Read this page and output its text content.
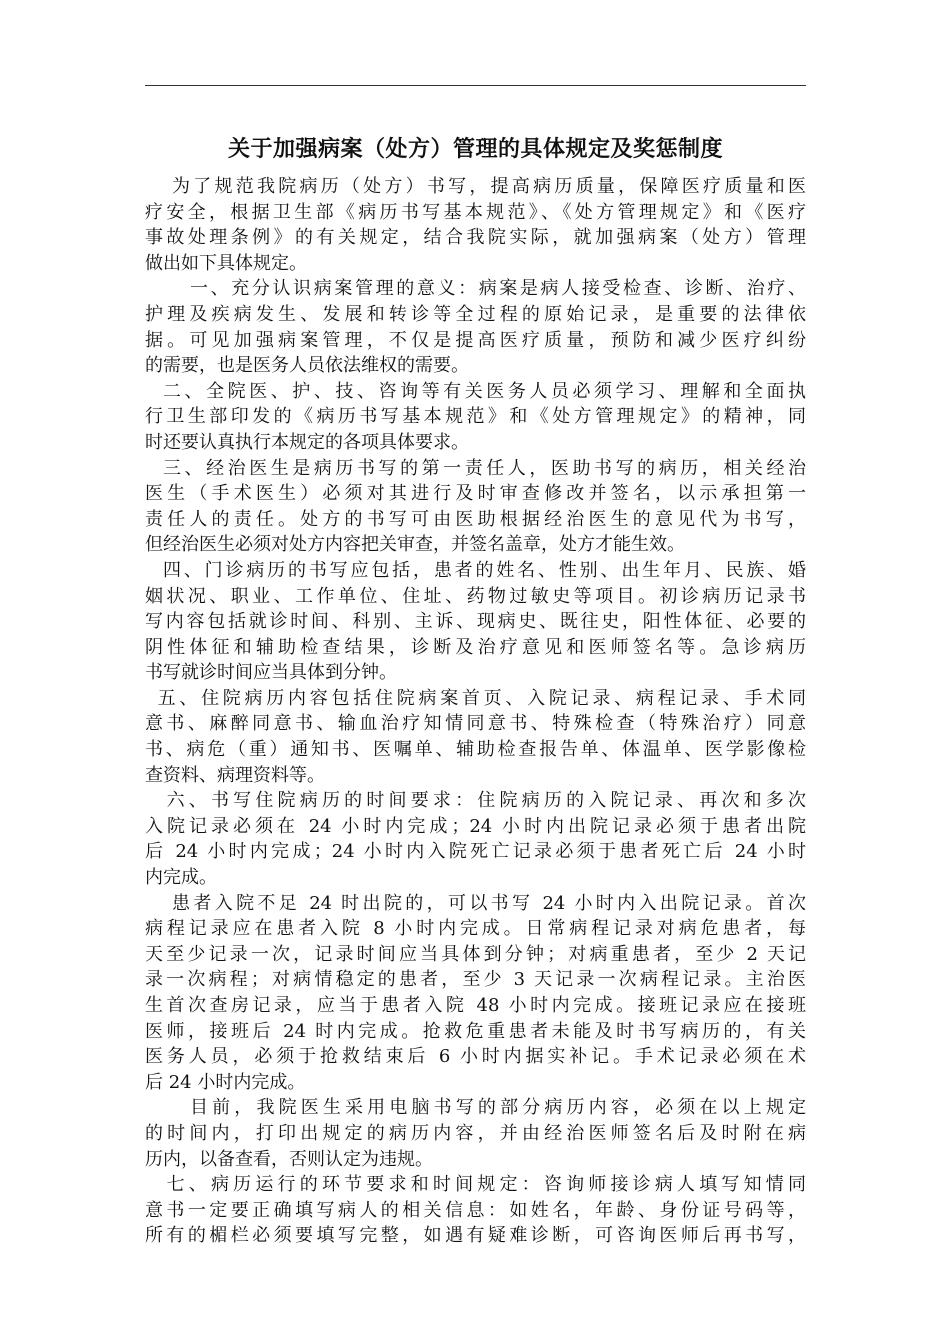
关于加强病案（处方）管理的具体规定及奖惩制度
为了规范我院病历（处方）书写，提高病历质量，保障医疗质量和医
疗安全，根据卫生部《病历书写基本规范》、《处方管理规定》和《医疗
事故处理条例》的有关规定，结合我院实际，就加强病案（处方）管理
做出如下具体规定。
一、充分认识病案管理的意义：病案是病人接受检查、诊断、治疗、
护理及疾病发生、发展和转诊等全过程的原始记录，是重要的法律依
据。可见加强病案管理，不仅是提高医疗质量，预防和减少医疗纠纷
的需要，也是医务人员依法维权的需要。
二、全院医、护、技、咨询等有关医务人员必须学习、理解和全面执
行卫生部印发的《病历书写基本规范》和《处方管理规定》的精神，同
时还要认真执行本规定的各项具体要求。
三、经治医生是病历书写的第一责任人，医助书写的病历，相关经治
医生（手术医生）必须对其进行及时审查修改并签名，以示承担第一
责任人的责任。处方的书写可由医助根据经治医生的意见代为书写，
但经治医生必须对处方内容把关审查，并签名盖章，处方才能生效。
四、门诊病历的书写应包括，患者的姓名、性别、出生年月、民族、婚
姻状况、职业、工作单位、住址、药物过敏史等项目。初诊病历记录书
写内容包括就诊时间、科别、主诉、现病史、既往史，阳性体征、必要的
阴性体征和辅助检查结果，诊断及治疗意见和医师签名等。急诊病历
书写就诊时间应当具体到分钟。
五、住院病历内容包括住院病案首页、入院记录、病程记录、手术同
意书、麻醉同意书、输血治疗知情同意书、特殊检查（特殊治疗）同意
书、病危（重）通知书、医嘱单、辅助检查报告单、体温单、医学影像检
查资料、病理资料等。
六、书写住院病历的时间要求：住院病历的入院记录、再次和多次
入院记录必须在 24 小时内完成；24 小时内出院记录必须于患者出院
后 24 小时内完成；24 小时内入院死亡记录必须于患者死亡后 24 小时
内完成。
患者入院不足 24 时出院的，可以书写 24 小时内入出院记录。首次
病程记录应在患者入院 8 小时内完成。日常病程记录对病危患者，每
天至少记录一次，记录时间应当具体到分钟；对病重患者，至少 2 天记
录一次病程；对病情稳定的患者，至少 3 天记录一次病程记录。主治医
生首次查房记录，应当于患者入院 48 小时内完成。接班记录应在接班
医师，接班后 24 时内完成。抢救危重患者未能及时书写病历的，有关
医务人员，必须于抢救结束后 6 小时内据实补记。手术记录必须在术
后 24 小时内完成。
目前，我院医生采用电脑书写的部分病历内容，必须在以上规定
的时间内，打印出规定的病历内容，并由经治医师签名后及时附在病
历内，以备查看，否则认定为违规。
七、病历运行的环节要求和时间规定：咨询师接诊病人填写知情同
意书一定要正确填写病人的相关信息：如姓名，年龄、身份证号码等，
所有的楣栏必须要填写完整，如遇有疑难诊断，可咨询医师后再书写，
